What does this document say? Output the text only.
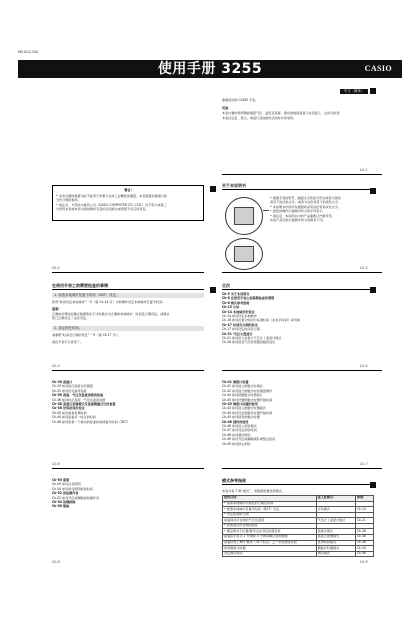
MO1012-CkA
使用手册 3255	CASIO
中文（简体）
谢谢您选购 CASIO 手表。
用途
本表内置的传感器能测量气压、温度及高度。测出的数值将显示在表面上。这些功能使
本表在远足、登山、或进行其他类似活动时实用易用。
Ck-1
警告！
• 本表内置的测量功能不能用于需要专业或工业精度的测量。本表测量的数值只能
当作合理的参考。
• 请注意，卡西欧计算机公司（CASIO COMPUTER CO., LTD.）对于用户或第三
方使用本表或本表出现故障所引起的任何损失或索赔不负任何责任。
Ck-2
关于本说明书
• 根据手表的型号，画面文字的显示形式或者为深色
背景下的浅色文字，或者为浅色背景下的深色文字。
• 本说明书中的所有插图均采用浅色背景深色文字。
• 按钮的操作以插图中所示的字母表示。
• 请注意，本说明书中的产品插图只作参考用，
实际产品可能与插图中所示的稍有不同。
Ck-3
在使用手表之前需要检查的事情
1. 检查本地城市及夏令时间（DST）设定。
使用“如何设定本地城市”一节（第 Ck-14 页）中的操作设定本地城市及夏令时间。
重要！
正确的世界时间模式数据取决于计时模式中正确的本地城市、时间及日期设定。请确认
您已正确设定了这些设定。
2. 设定现在时间。
请参照“时间及日期的设定”一节（第 Ck-17 页）。
现在手表可以使用了。
Ck-4
目次
Ck-5 关于本说明书
Ck-6 在使用手表之前需要检查的事情
Ck-6 模式参考指南
Ck-13 计时
Ck-14 本地城市的设定
Ck-14 如何设定本地城市
Ck-16 如何在夏令时间与标准时间（在本手时间）间切换
Ck-17 时间及日期的设定
Ck-17 如何设定时间及日期
Ck-21 气压计/温度计
Ck-21 如何使人能显示气压计 / 温度计模式
Ck-26 如何改变气压传感器读数的变化
Ck-5
Ck-28 高度计
Ck-29 如何进行高度计的测量
Ck-31 如何改变参考高度
Ck-36 高度、气压及温度读数的校验
Ck-36 如何校正高度、气压及温度读数
Ck-38 高度记录器模式及高度测量记忆的查看
Ck-38 世界时间的设定
Ck-40 如何查看世界时间
Ck-44 如何查看另一时区的时间
Ck-46 如何使某一个城市的标准时间或夏令时间（DST）
Ck-6
Ck-41 倒数计时器
Ck-41 如何进入倒数计时模式
Ck-42 如何进行倒数计时的测量操作
Ck-44 如何使倒数计时器停止
Ck-45 如何设置倒数计时器开始时间
Ck-43 倒数计时器的使用
Ck-43 如何进入倒数计时器模式
Ck-44 如何设定倒数计时器开始时间
Ck-45 如何使用倒数计时器
Ck-46 闹铃的使用
Ck-46 如何进入闹铃模式
Ck-47 如何设定闹铃时间
Ck-48 如何测试闹铃
Ck-49 如何开启或解除闹铃或整点报时
Ck-49 如何停止闹铃
Ck-7
Ck-50 照明
Ck-50 如何点亮照明
Ck-50 如何改变照明持续时间
Ck-52 按钮操作音
Ck-52 如何开启或解除按钮操作音
Ck-54 故障排除
Ck-58 规格
Ck-8
模式参考指南
本表共有 7 种“模式”，请根据需要选择模式。
您的目的：	进入此模式：	参阅：
• 查看本地城市中现在的日期及时间		
• 配置本地城市及夏令时间（DST）设定	计时模式	Ck-13
• 设定时间和日期		
查看现在所在地的气压及温度	气压计 / 温度计模式	Ck-21
• 查看现在所在地的高度		
• 确定相对于位置/参考点在设定的高度差	高度计模式	Ck-28
查看由手表以 1 分钟或 5 分钟间隔记录的数据	高度记录器模式	Ck-38
查看世界上48个城市（31个时区）之一中的现在时间	世界时间模式	Ck-38
使用倒数计时器	倒数计时器模式	Ck-43
设定闹铃时间	闹铃模式	Ck-46
Ck-9
